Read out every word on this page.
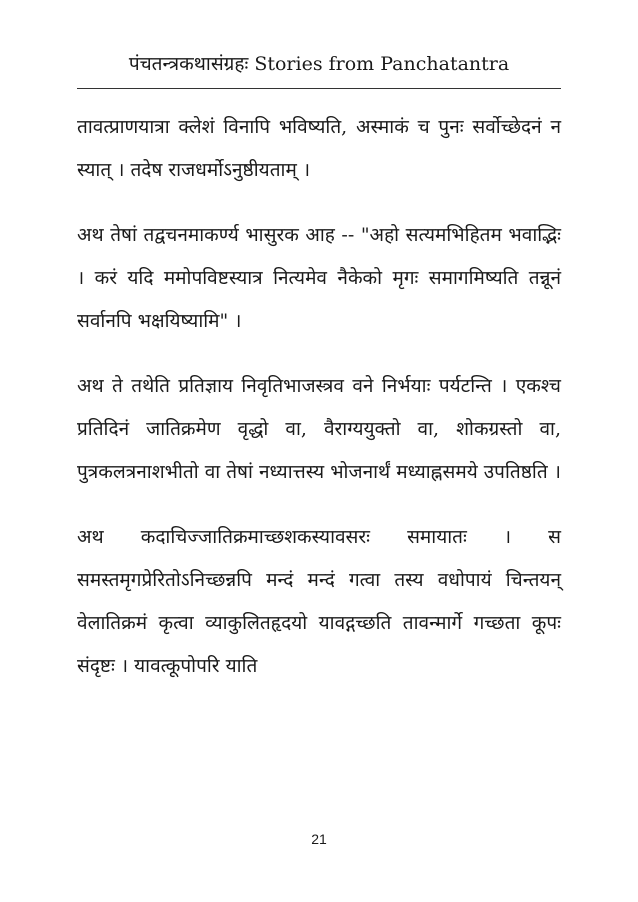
पंचतन्त्रकथासंग्रहः Stories from Panchatantra

तावत्प्राणयात्रा क्लेशं विनापि भविष्यति, अस्माकं च पुनः सर्वोच्छेदनं न स्यात् । तदेष राजधर्मोऽनुष्ठीयताम् ।

अथ तेषां तद्वचनमाकर्ण्य भासुरक आह -- "अहो सत्यमभिहितम भवाद्भिः । करं यदि ममोपविष्टस्यात्र नित्यमेव नैकेको मृगः समागमिष्यति तन्नूनं सर्वानपि भक्षयिष्यामि" ।

अथ ते तथेति प्रतिज्ञाय निवृतिभाजस्त्रव वने निर्भयाः पर्यटन्ति । एकश्च प्रतिदिनं जातिक्रमेण वृद्धो वा, वैराग्ययुक्तो वा, शोकग्रस्तो वा, पुत्रकलत्रनाशभीतो वा तेषां नध्यात्तस्य भोजनार्थं मध्याह्नसमये उपतिष्ठति ।

अथ कदाचिज्जातिक्रमाच्छशकस्यावसरः समायातः । स समस्तमृगप्रेरितोऽनिच्छन्नपि मन्दं मन्दं गत्वा तस्य वधोपायं चिन्तयन् वेलातिक्रमं कृत्वा व्याकुलितहृदयो यावद्गच्छति तावन्मार्गे गच्छता कूपः संदृष्टः । यावत्कूपोपरि याति

21
